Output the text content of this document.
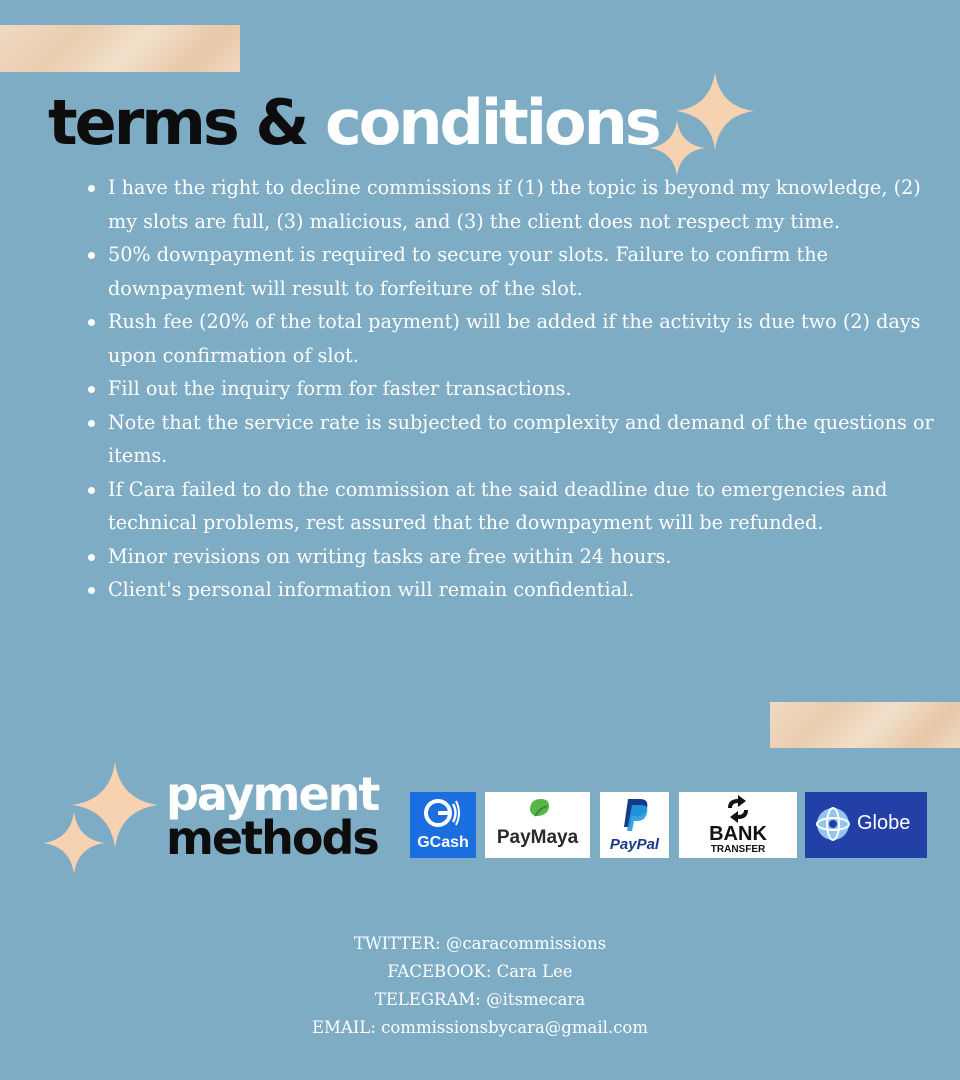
terms & conditions
I have the right to decline commissions if (1) the topic is beyond my knowledge, (2) my slots are full, (3) malicious, and (3) the client does not respect my time.
50% downpayment is required to secure your slots. Failure to confirm the downpayment will result to forfeiture of the slot.
Rush fee (20% of the total payment) will be added if the activity is due two (2) days upon confirmation of slot.
Fill out the inquiry form for faster transactions.
Note that the service rate is subjected to complexity and demand of the questions or items.
If Cara failed to do the commission at the said deadline due to emergencies and technical problems, rest assured that the downpayment will be refunded.
Minor revisions on writing tasks are free within 24 hours.
Client's personal information will remain confidential.
payment
methods	GCash	PayMaya	PayPal	BANK
TRANSFER
Globe
TWITTER: @caracommissions
FACEBOOK: Cara Lee
TELEGRAM: @itsmecara
EMAIL: commissionsbycara@gmail.com
